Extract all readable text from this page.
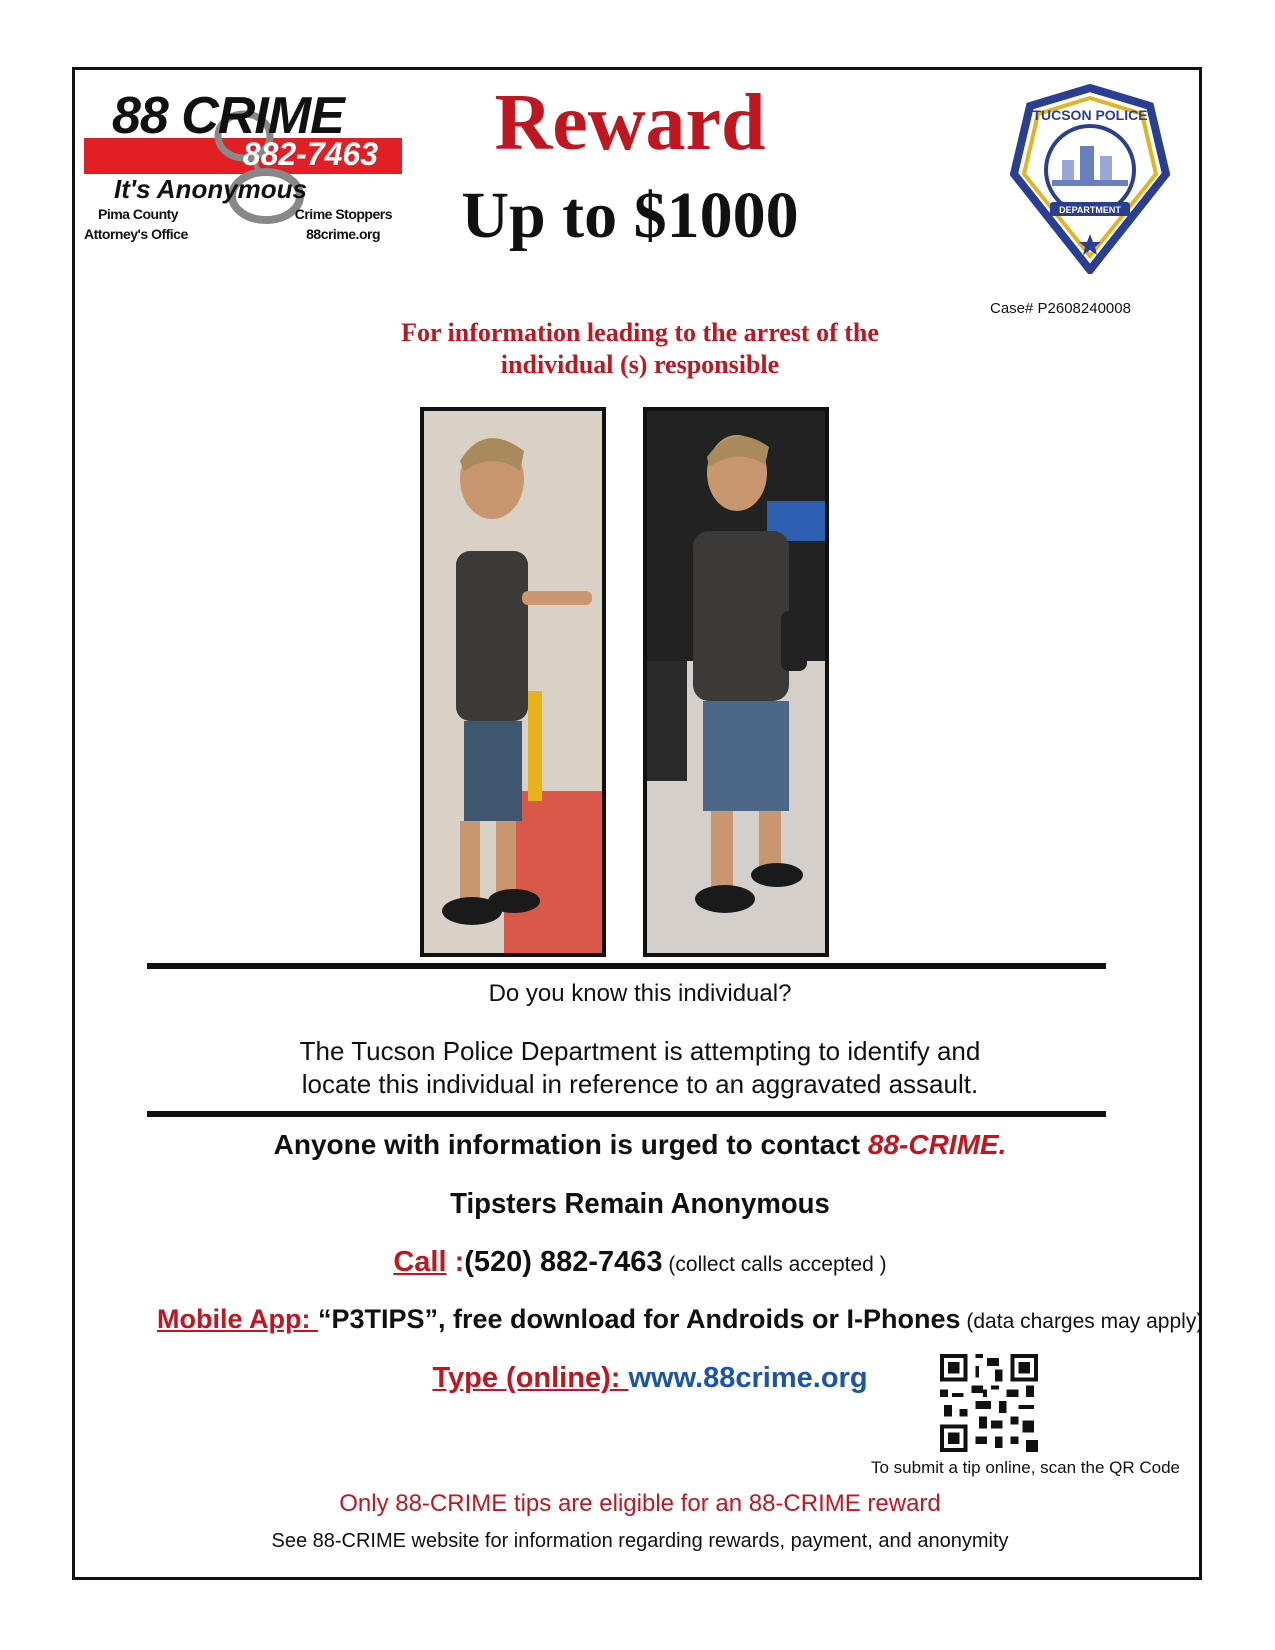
88 CRIME
882-7463
It's Anonymous
Pima County
Attorney's Office
Crime Stoppers
88crime.org
Reward
Up to $1000
TUCSON POLICE
DEPARTMENT
Case# P2608240008
For information leading to the arrest of the
individual (s) responsible
Do you know this individual?
The Tucson Police Department is attempting to identify and
locate this individual in reference to an aggravated assault.
Anyone with information is urged to contact 88-CRIME.
Tipsters Remain Anonymous
Call :(520) 882-7463 (collect calls accepted )
Mobile App: “P3TIPS”, free download for Androids or I-Phones (data charges may apply)
Type (online): www.88crime.org
To submit a tip online, scan the QR Code
Only 88-CRIME tips are eligible for an 88-CRIME reward
See 88-CRIME website for information regarding rewards, payment, and anonymity
